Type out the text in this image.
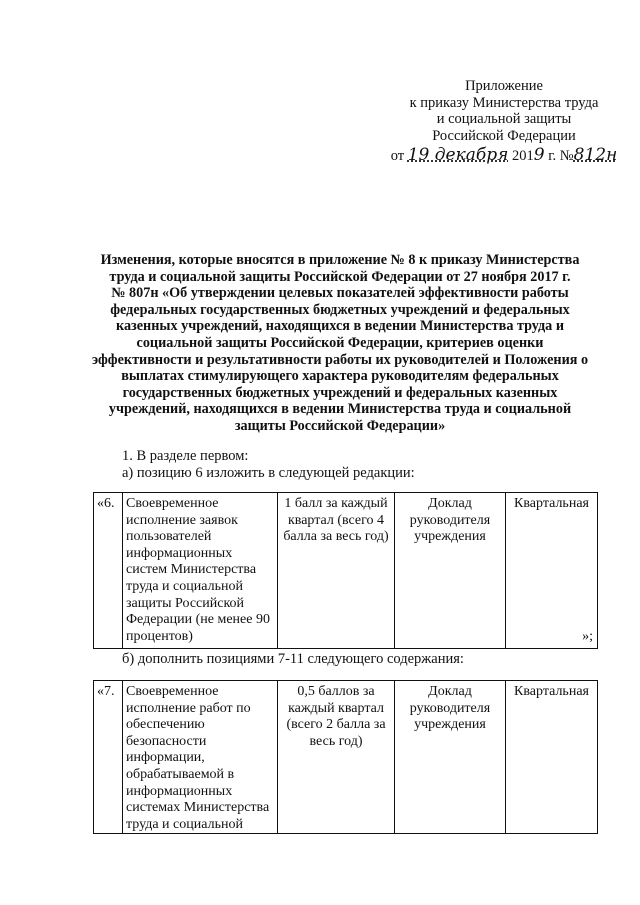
Приложение
к приказу Министерства труда
и социальной защиты
Российской Федерации
от 19 декабря 2019 г. №812н
Изменения, которые вносятся в приложение № 8 к приказу Министерства
труда и социальной защиты Российской Федерации от 27 ноября 2017 г.
№ 807н «Об утверждении целевых показателей эффективности работы
федеральных государственных бюджетных учреждений и федеральных
казенных учреждений, находящихся в ведении Министерства труда и
социальной защиты Российской Федерации, критериев оценки
эффективности и результативности работы их руководителей и Положения о
выплатах стимулирующего характера руководителям федеральных
государственных бюджетных учреждений и федеральных казенных
учреждений, находящихся в ведении Министерства труда и социальной
защиты Российской Федерации»
1. В разделе первом:
а) позицию 6 изложить в следующей редакции:
«6.	Своевременное исполнение заявок пользователей информационных систем Министерства труда и социальной защиты Российской Федерации (не менее 90 процентов)	1 балл за каждый квартал (всего 4 балла за весь год)	Доклад руководителя учреждения	Квартальная
»;
б) дополнить позициями 7-11 следующего содержания:
«7.	Своевременное исполнение работ по обеспечению безопасности информации, обрабатываемой в информационных системах Министерства труда и социальной	0,5 баллов за каждый квартал (всего 2 балла за весь год)	Доклад руководителя учреждения	Квартальная
